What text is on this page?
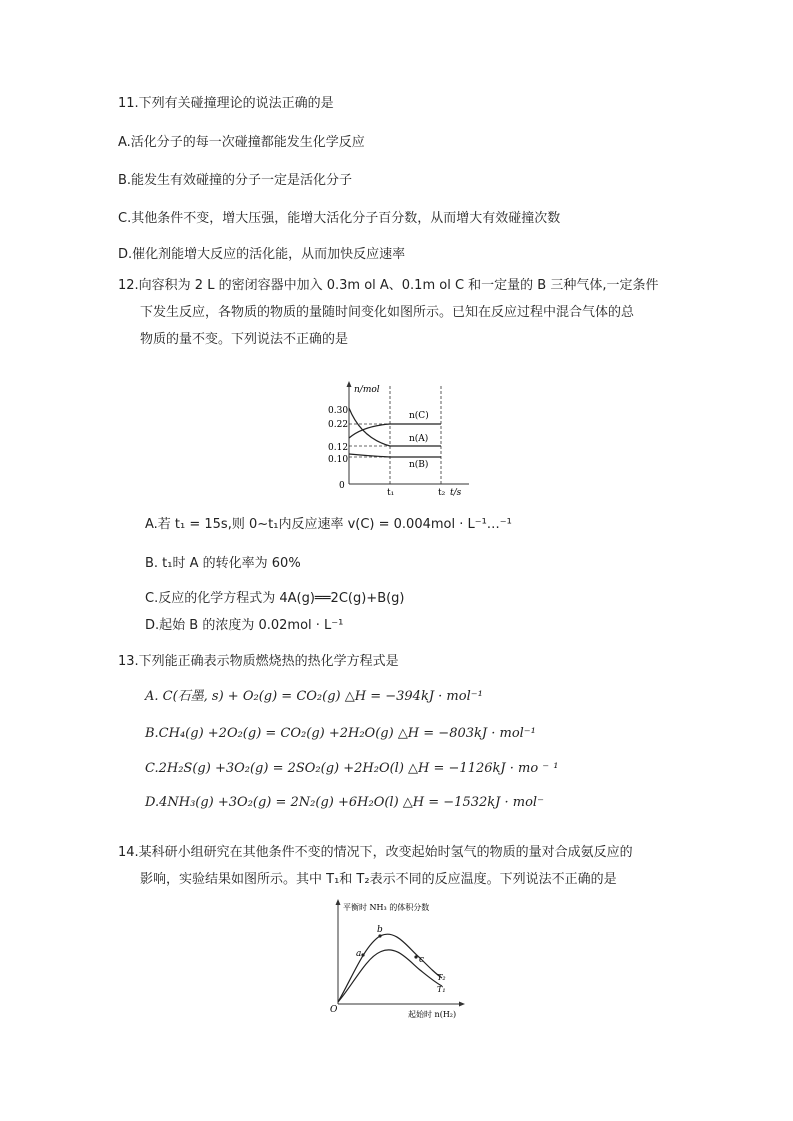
11.下列有关碰撞理论的说法正确的是
A.活化分子的每一次碰撞都能发生化学反应
B.能发生有效碰撞的分子一定是活化分子
C.其他条件不变，增大压强，能增大活化分子百分数，从而增大有效碰撞次数
D.催化剂能增大反应的活化能，从而加快反应速率
12.向容积为 2 L 的密闭容器中加入 0.3m ol A、0.1m ol C 和一定量的 B 三种气体,一定条件
下发生反应，各物质的物质的量随时间变化如图所示。已知在反应过程中混合气体的总
物质的量不变。下列说法不正确的是
n/mol
0
0.30
0.22
0.12
0.10
t₁	t₂ t/s
n(C)
n(A)
n(B)
A.若 t₁ = 15s,则 0~t₁内反应速率 v(C) = 0.004mol · L⁻¹…⁻¹
B. t₁时 A 的转化率为 60%
C.反应的化学方程式为 4A(g)══2C(g)+B(g)
D.起始 B 的浓度为 0.02mol · L⁻¹
13.下列能正确表示物质燃烧热的热化学方程式是
A. C(石墨, s) + O₂(g) = CO₂(g) △H = −394kJ · mol⁻¹
B.CH₄(g) +2O₂(g) = CO₂(g) +2H₂O(g) △H = −803kJ · mol⁻¹
C.2H₂S(g) +3O₂(g) = 2SO₂(g) +2H₂O(l) △H = −1126kJ · mo ⁻ ¹
D.4NH₃(g) +3O₂(g) = 2N₂(g) +6H₂O(l) △H = −1532kJ · mol⁻
14.某科研小组研究在其他条件不变的情况下，改变起始时氢气的物质的量对合成氨反应的
影响，实验结果如图所示。其中 T₁和 T₂表示不同的反应温度。下列说法不正确的是
平衡时 NH₃ 的体积分数
O	起始时 n(H₂)
a
b
c
T₂
T₁
